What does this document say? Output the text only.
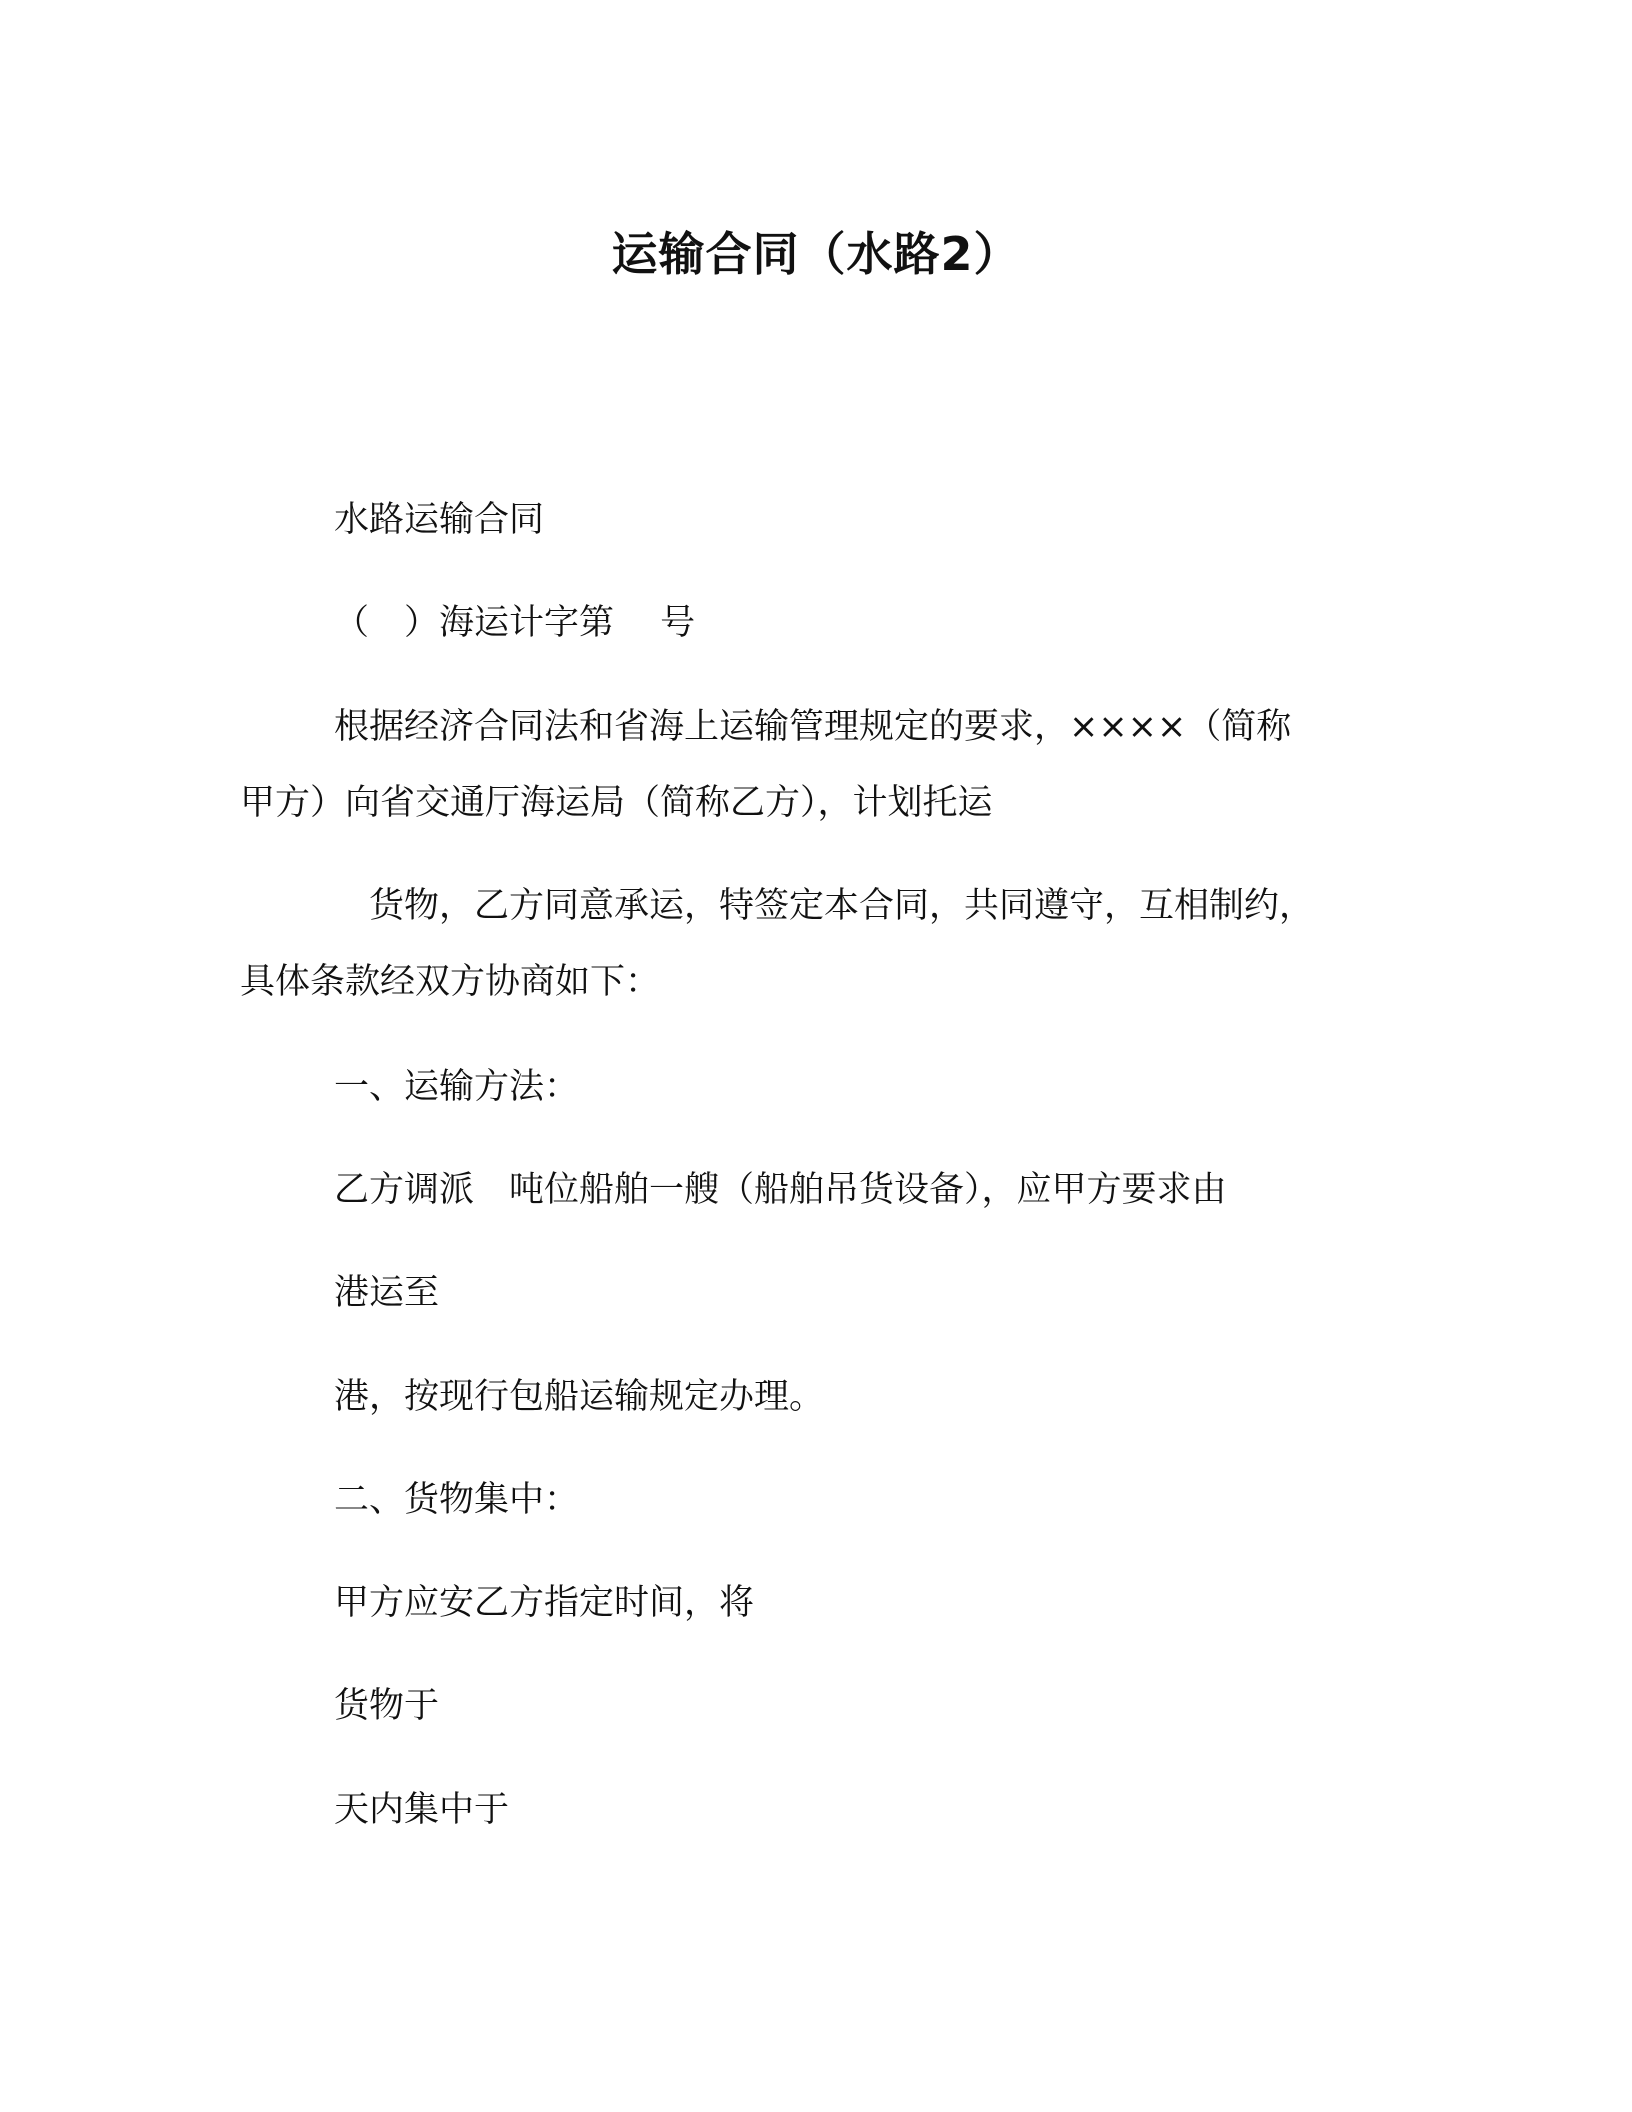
运输合同（水路2）
水路运输合同
（　）海运计字第　 号
根据经济合同法和省海上运输管理规定的要求，××××（简称
甲方）向省交通厅海运局（简称乙方），计划托运
　货物，乙方同意承运，特签定本合同，共同遵守，互相制约，
具体条款经双方协商如下：
一、运输方法：
乙方调派　吨位船舶一艘（船舶吊货设备），应甲方要求由
港运至
港，按现行包船运输规定办理。
二、货物集中：
甲方应安乙方指定时间，将
货物于
天内集中于
